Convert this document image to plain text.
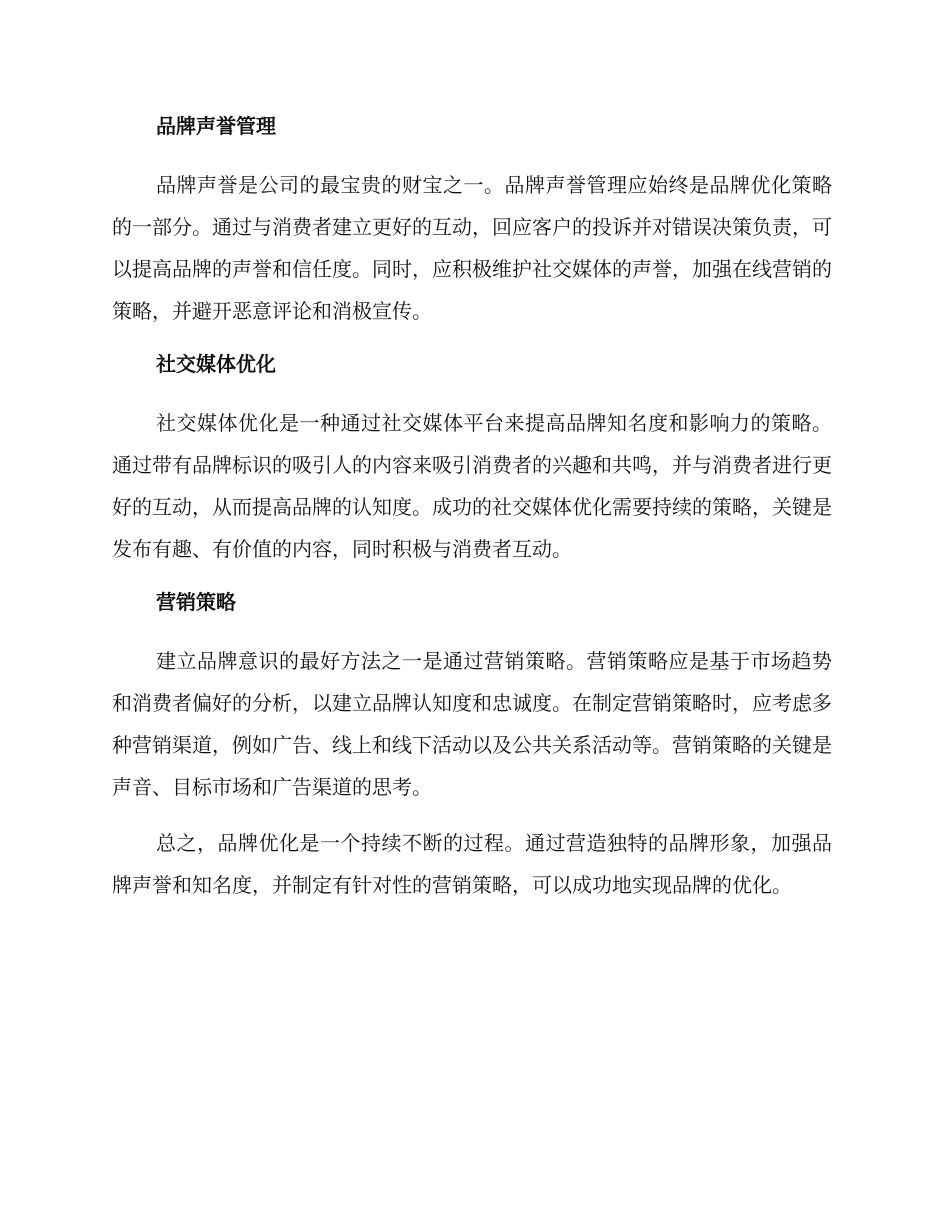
品牌声誉管理

品牌声誉是公司的最宝贵的财宝之一。品牌声誉管理应始终是品牌优化策略的一部分。通过与消费者建立更好的互动，回应客户的投诉并对错误决策负责，可以提高品牌的声誉和信任度。同时，应积极维护社交媒体的声誉，加强在线营销的策略，并避开恶意评论和消极宣传。

社交媒体优化

社交媒体优化是一种通过社交媒体平台来提高品牌知名度和影响力的策略。通过带有品牌标识的吸引人的内容来吸引消费者的兴趣和共鸣，并与消费者进行更好的互动，从而提高品牌的认知度。成功的社交媒体优化需要持续的策略，关键是发布有趣、有价值的内容，同时积极与消费者互动。

营销策略

建立品牌意识的最好方法之一是通过营销策略。营销策略应是基于市场趋势和消费者偏好的分析，以建立品牌认知度和忠诚度。在制定营销策略时，应考虑多种营销渠道，例如广告、线上和线下活动以及公共关系活动等。营销策略的关键是声音、目标市场和广告渠道的思考。

总之，品牌优化是一个持续不断的过程。通过营造独特的品牌形象，加强品牌声誉和知名度，并制定有针对性的营销策略，可以成功地实现品牌的优化。
